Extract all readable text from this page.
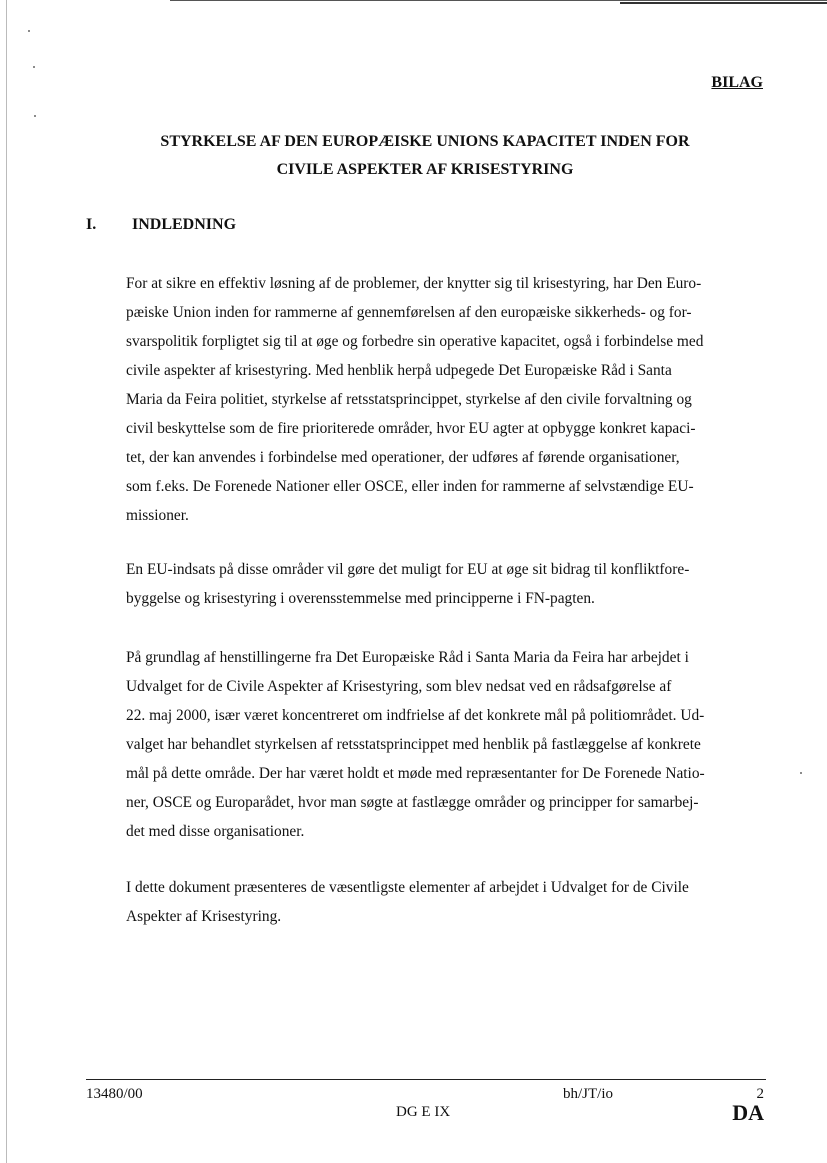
BILAG
STYRKELSE AF DEN EUROPÆISKE UNIONS KAPACITET INDEN FOR
CIVILE ASPEKTER AF KRISESTYRING
I. INDLEDNING

For at sikre en effektiv løsning af de problemer, der knytter sig til krisestyring, har Den Euro-
pæiske Union inden for rammerne af gennemførelsen af den europæiske sikkerheds- og for-
svarspolitik forpligtet sig til at øge og forbedre sin operative kapacitet, også i forbindelse med
civile aspekter af krisestyring. Med henblik herpå udpegede Det Europæiske Råd i Santa
Maria da Feira politiet, styrkelse af retsstatsprincippet, styrkelse af den civile forvaltning og
civil beskyttelse som de fire prioriterede områder, hvor EU agter at opbygge konkret kapaci-
tet, der kan anvendes i forbindelse med operationer, der udføres af førende organisationer,
som f.eks. De Forenede Nationer eller OSCE, eller inden for rammerne af selvstændige EU-
missioner.

En EU-indsats på disse områder vil gøre det muligt for EU at øge sit bidrag til konfliktfore-
byggelse og krisestyring i overensstemmelse med principperne i FN-pagten.

På grundlag af henstillingerne fra Det Europæiske Råd i Santa Maria da Feira har arbejdet i
Udvalget for de Civile Aspekter af Krisestyring, som blev nedsat ved en rådsafgørelse af
22. maj 2000, især været koncentreret om indfrielse af det konkrete mål på politiområdet. Ud-
valget har behandlet styrkelsen af retsstatsprincippet med henblik på fastlæggelse af konkrete
mål på dette område. Der har været holdt et møde med repræsentanter for De Forenede Natio-
ner, OSCE og Europarådet, hvor man søgte at fastlægge områder og principper for samarbej-
det med disse organisationer.

I dette dokument præsenteres de væsentligste elementer af arbejdet i Udvalget for de Civile
Aspekter af Krisestyring.

13480/00	bh/JT/io	2
DG E IX	DA
